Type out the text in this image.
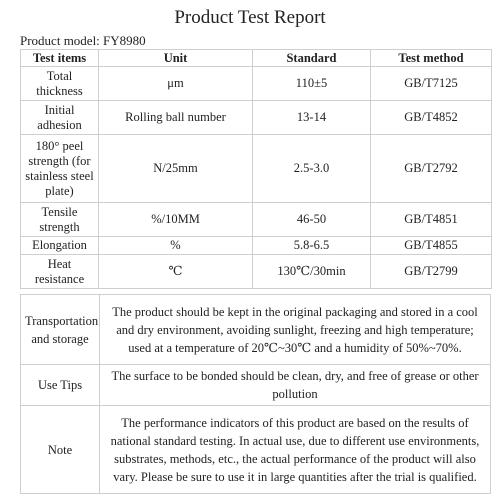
Product Test Report
Product model: FY8980
Test items	Unit	Standard	Test method
Total thickness	μm	110±5	GB/T7125
Initial adhesion	Rolling ball number	13-14	GB/T4852
180° peel strength (for stainless steel plate)	N/25mm	2.5-3.0	GB/T2792
Tensile strength	%/10MM	46-50	GB/T4851
Elongation	%	5.8-6.5	GB/T4855
Heat resistance	℃	130℃/30min	GB/T2799
Transportation and storage	The product should be kept in the original packaging and stored in a cool and dry environment, avoiding sunlight, freezing and high temperature; used at a temperature of 20℃~30℃ and a humidity of 50%~70%.
Use Tips	The surface to be bonded should be clean, dry, and free of grease or other pollution
Note	The performance indicators of this product are based on the results of national standard testing. In actual use, due to different use environments, substrates, methods, etc., the actual performance of the product will also vary. Please be sure to use it in large quantities after the trial is qualified.
